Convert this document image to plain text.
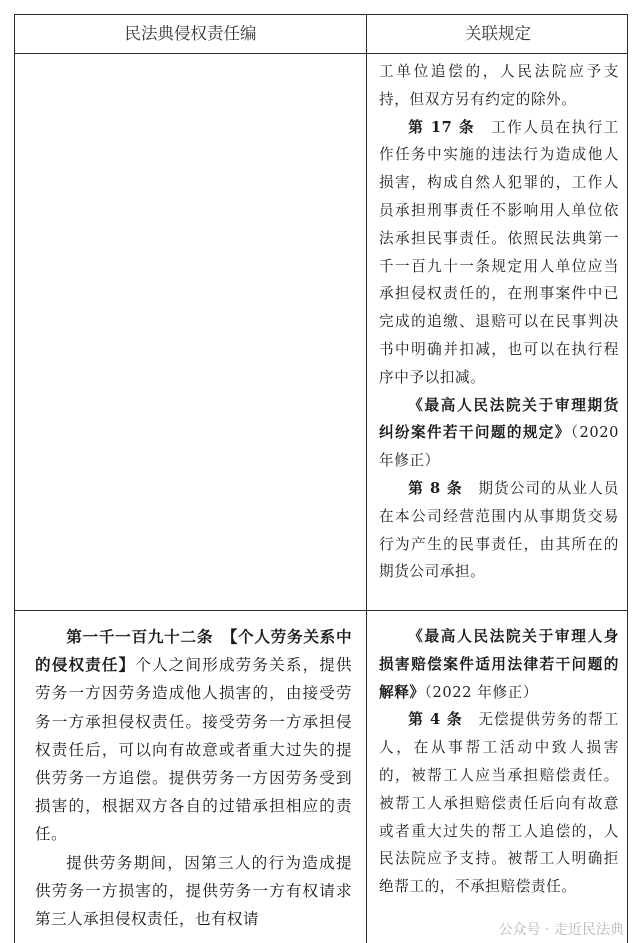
民法典侵权责任编	关联规定

工单位追偿的，人民法院应予支持，但双方另有约定的除外。

第 17 条　 工作人员在执行工作任务中实施的违法行为造成他人损害，构成自然人犯罪的，工作人员承担刑事责任不影响用人单位依法承担民事责任。依照民法典第一千一百九十一条规定用人单位应当承担侵权责任的，在刑事案件中已完成的追缴、退赔可以在民事判决书中明确并扣减，也可以在执行程序中予以扣减。

《最高人民法院关于审理期货纠纷案件若干问题的规定》（2020 年修正）

第 8 条　 期货公司的从业人员在本公司经营范围内从事期货交易行为产生的民事责任，由其所在的期货公司承担。

第一千一百九十二条　【个人劳务关系中的侵权责任】个人之间形成劳务关系，提供劳务一方因劳务造成他人损害的，由接受劳务一方承担侵权责任。接受劳务一方承担侵权责任后，可以向有故意或者重大过失的提供劳务一方追偿。提供劳务一方因劳务受到损害的，根据双方各自的过错承担相应的责任。

提供劳务期间，因第三人的行为造成提供劳务一方损害的，提供劳务一方有权请求第三人承担侵权责任，也有权请

《最高人民法院关于审理人身损害赔偿案件适用法律若干问题的解释》（2022 年修正）

第 4 条　 无偿提供劳务的帮工人，在从事帮工活动中致人损害的，被帮工人应当承担赔偿责任。被帮工人承担赔偿责任后向有故意或者重大过失的帮工人追偿的，人民法院应予支持。被帮工人明确拒绝帮工的，不承担赔偿责任。

公众号 · 走近民法典
